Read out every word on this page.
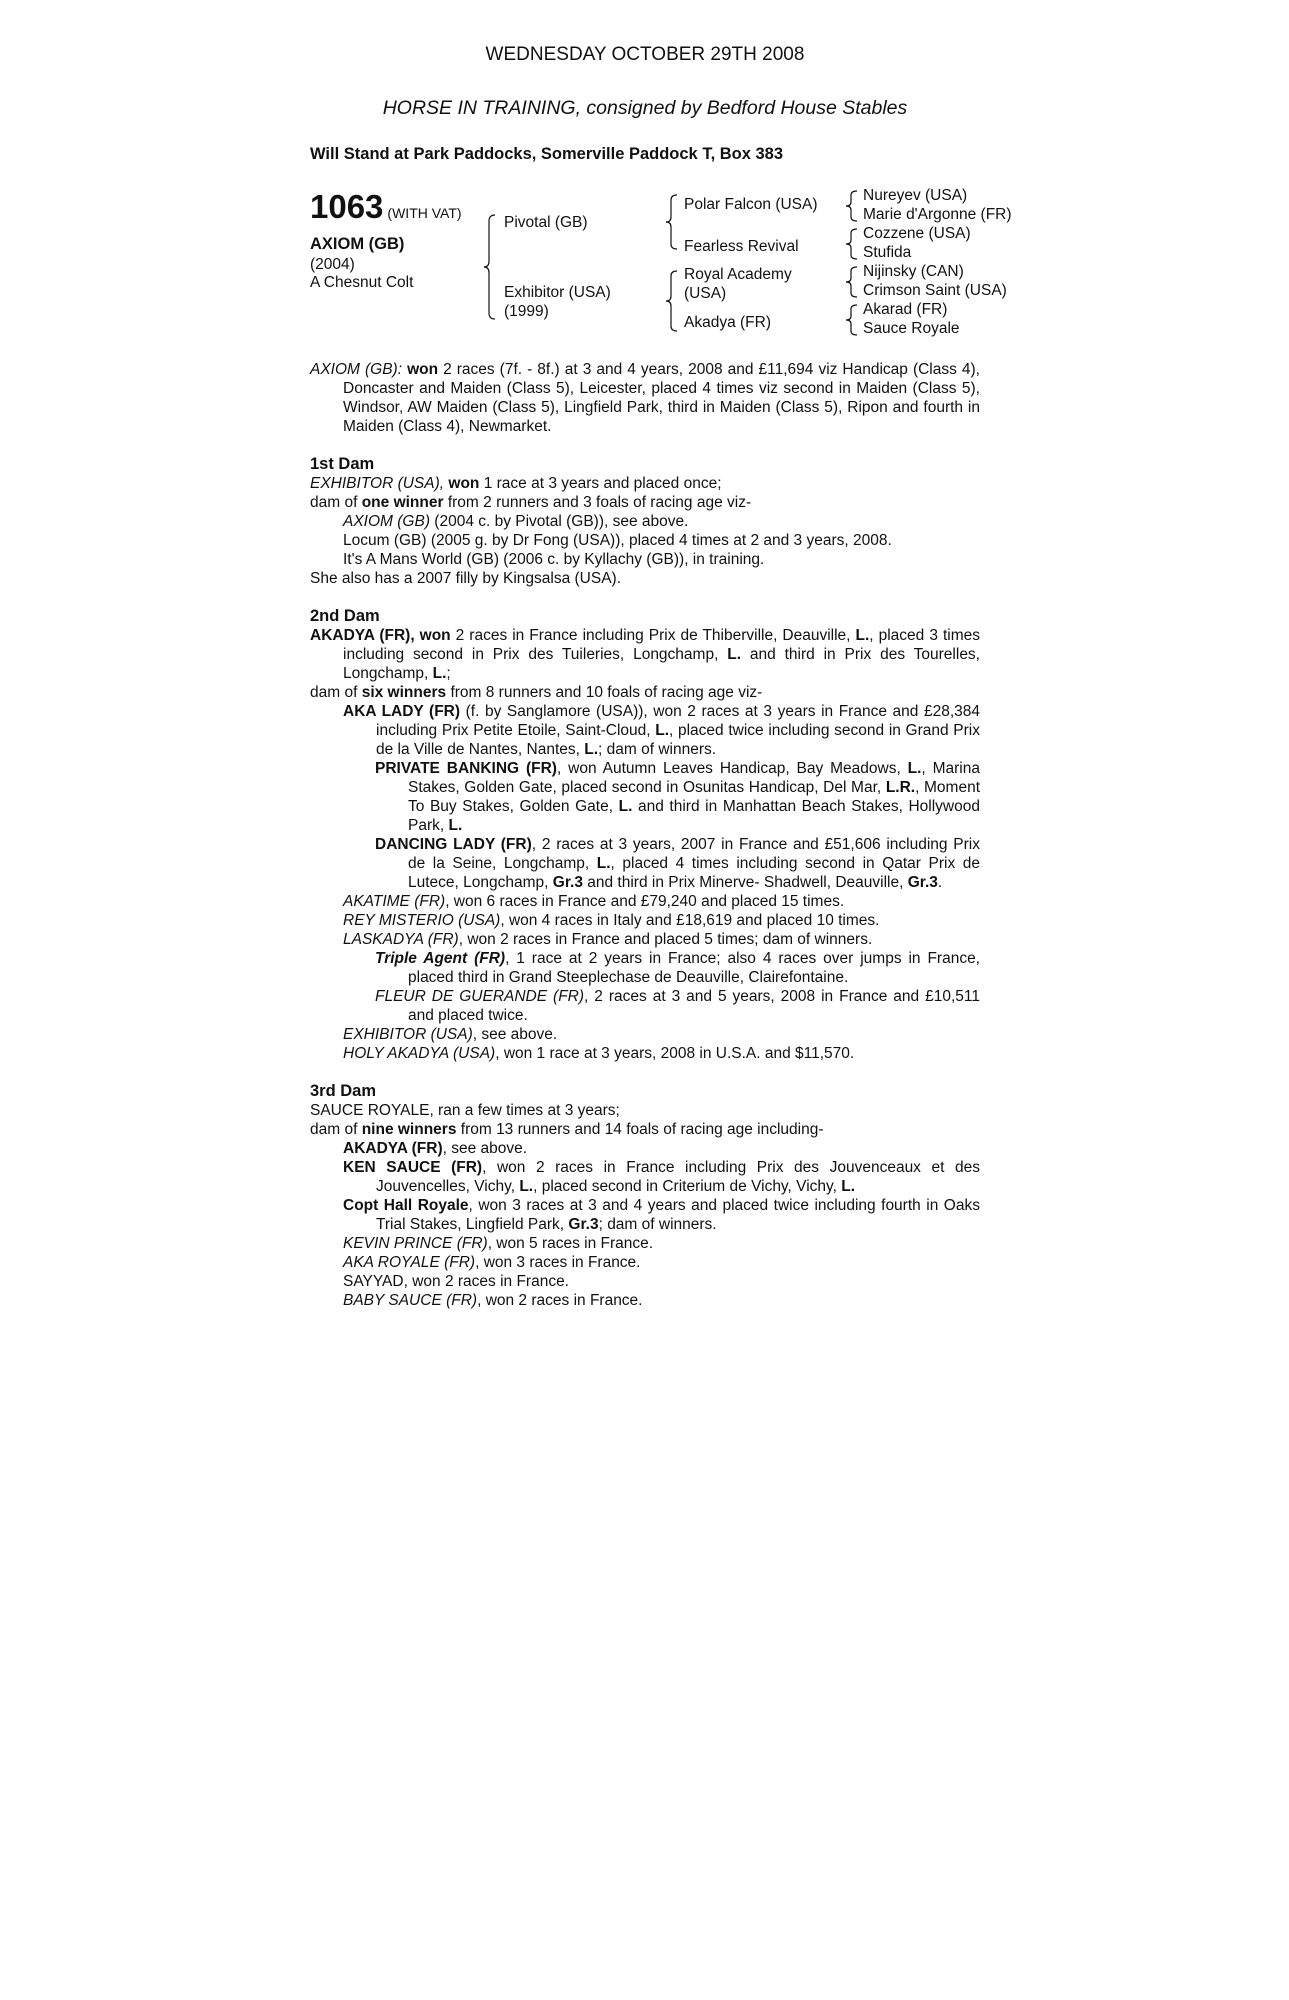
WEDNESDAY OCTOBER 29TH 2008
HORSE IN TRAINING, consigned by Bedford House Stables
Will Stand at Park Paddocks, Somerville Paddock T, Box 383
1063 (WITH VAT)
AXIOM (GB)
(2004)
A Chesnut Colt
Pivotal (GB)
Exhibitor (USA)
(1999)
Polar Falcon (USA)
Fearless Revival
Royal Academy
(USA)
Akadya (FR)
Nureyev (USA)
Marie d'Argonne (FR)
Cozzene (USA)
Stufida
Nijinsky (CAN)
Crimson Saint (USA)
Akarad (FR)
Sauce Royale

AXIOM (GB): won 2 races (7f. - 8f.) at 3 and 4 years, 2008 and £11,694 viz Handicap (Class 4), Doncaster and Maiden (Class 5), Leicester, placed 4 times viz second in Maiden (Class 5), Windsor, AW Maiden (Class 5), Lingfield Park, third in Maiden (Class 5), Ripon and fourth in Maiden (Class 4), Newmarket.

1st Dam

EXHIBITOR (USA), won 1 race at 3 years and placed once;

dam of one winner from 2 runners and 3 foals of racing age viz-

AXIOM (GB) (2004 c. by Pivotal (GB)), see above.

Locum (GB) (2005 g. by Dr Fong (USA)), placed 4 times at 2 and 3 years, 2008.

It's A Mans World (GB) (2006 c. by Kyllachy (GB)), in training.

She also has a 2007 filly by Kingsalsa (USA).

2nd Dam

AKADYA (FR), won 2 races in France including Prix de Thiberville, Deauville, L., placed 3 times including second in Prix des Tuileries, Longchamp, L. and third in Prix des Tourelles, Longchamp, L.;

dam of six winners from 8 runners and 10 foals of racing age viz-

AKA LADY (FR) (f. by Sanglamore (USA)), won 2 races at 3 years in France and £28,384 including Prix Petite Etoile, Saint-Cloud, L., placed twice including second in Grand Prix de la Ville de Nantes, Nantes, L.; dam of winners.

PRIVATE BANKING (FR), won Autumn Leaves Handicap, Bay Meadows, L., Marina Stakes, Golden Gate, placed second in Osunitas Handicap, Del Mar, L.R., Moment To Buy Stakes, Golden Gate, L. and third in Manhattan Beach Stakes, Hollywood Park, L.

DANCING LADY (FR), 2 races at 3 years, 2007 in France and £51,606 including Prix de la Seine, Longchamp, L., placed 4 times including second in Qatar Prix de Lutece, Longchamp, Gr.3 and third in Prix Minerve- Shadwell, Deauville, Gr.3.

AKATIME (FR), won 6 races in France and £79,240 and placed 15 times.

REY MISTERIO (USA), won 4 races in Italy and £18,619 and placed 10 times.

LASKADYA (FR), won 2 races in France and placed 5 times; dam of winners.

Triple Agent (FR), 1 race at 2 years in France; also 4 races over jumps in France, placed third in Grand Steeplechase de Deauville, Clairefontaine.

FLEUR DE GUERANDE (FR), 2 races at 3 and 5 years, 2008 in France and £10,511 and placed twice.

EXHIBITOR (USA), see above.

HOLY AKADYA (USA), won 1 race at 3 years, 2008 in U.S.A. and $11,570.

3rd Dam

SAUCE ROYALE, ran a few times at 3 years;

dam of nine winners from 13 runners and 14 foals of racing age including-

AKADYA (FR), see above.

KEN SAUCE (FR), won 2 races in France including Prix des Jouvenceaux et des Jouvencelles, Vichy, L., placed second in Criterium de Vichy, Vichy, L.

Copt Hall Royale, won 3 races at 3 and 4 years and placed twice including fourth in Oaks Trial Stakes, Lingfield Park, Gr.3; dam of winners.

KEVIN PRINCE (FR), won 5 races in France.

AKA ROYALE (FR), won 3 races in France.

SAYYAD, won 2 races in France.

BABY SAUCE (FR), won 2 races in France.
